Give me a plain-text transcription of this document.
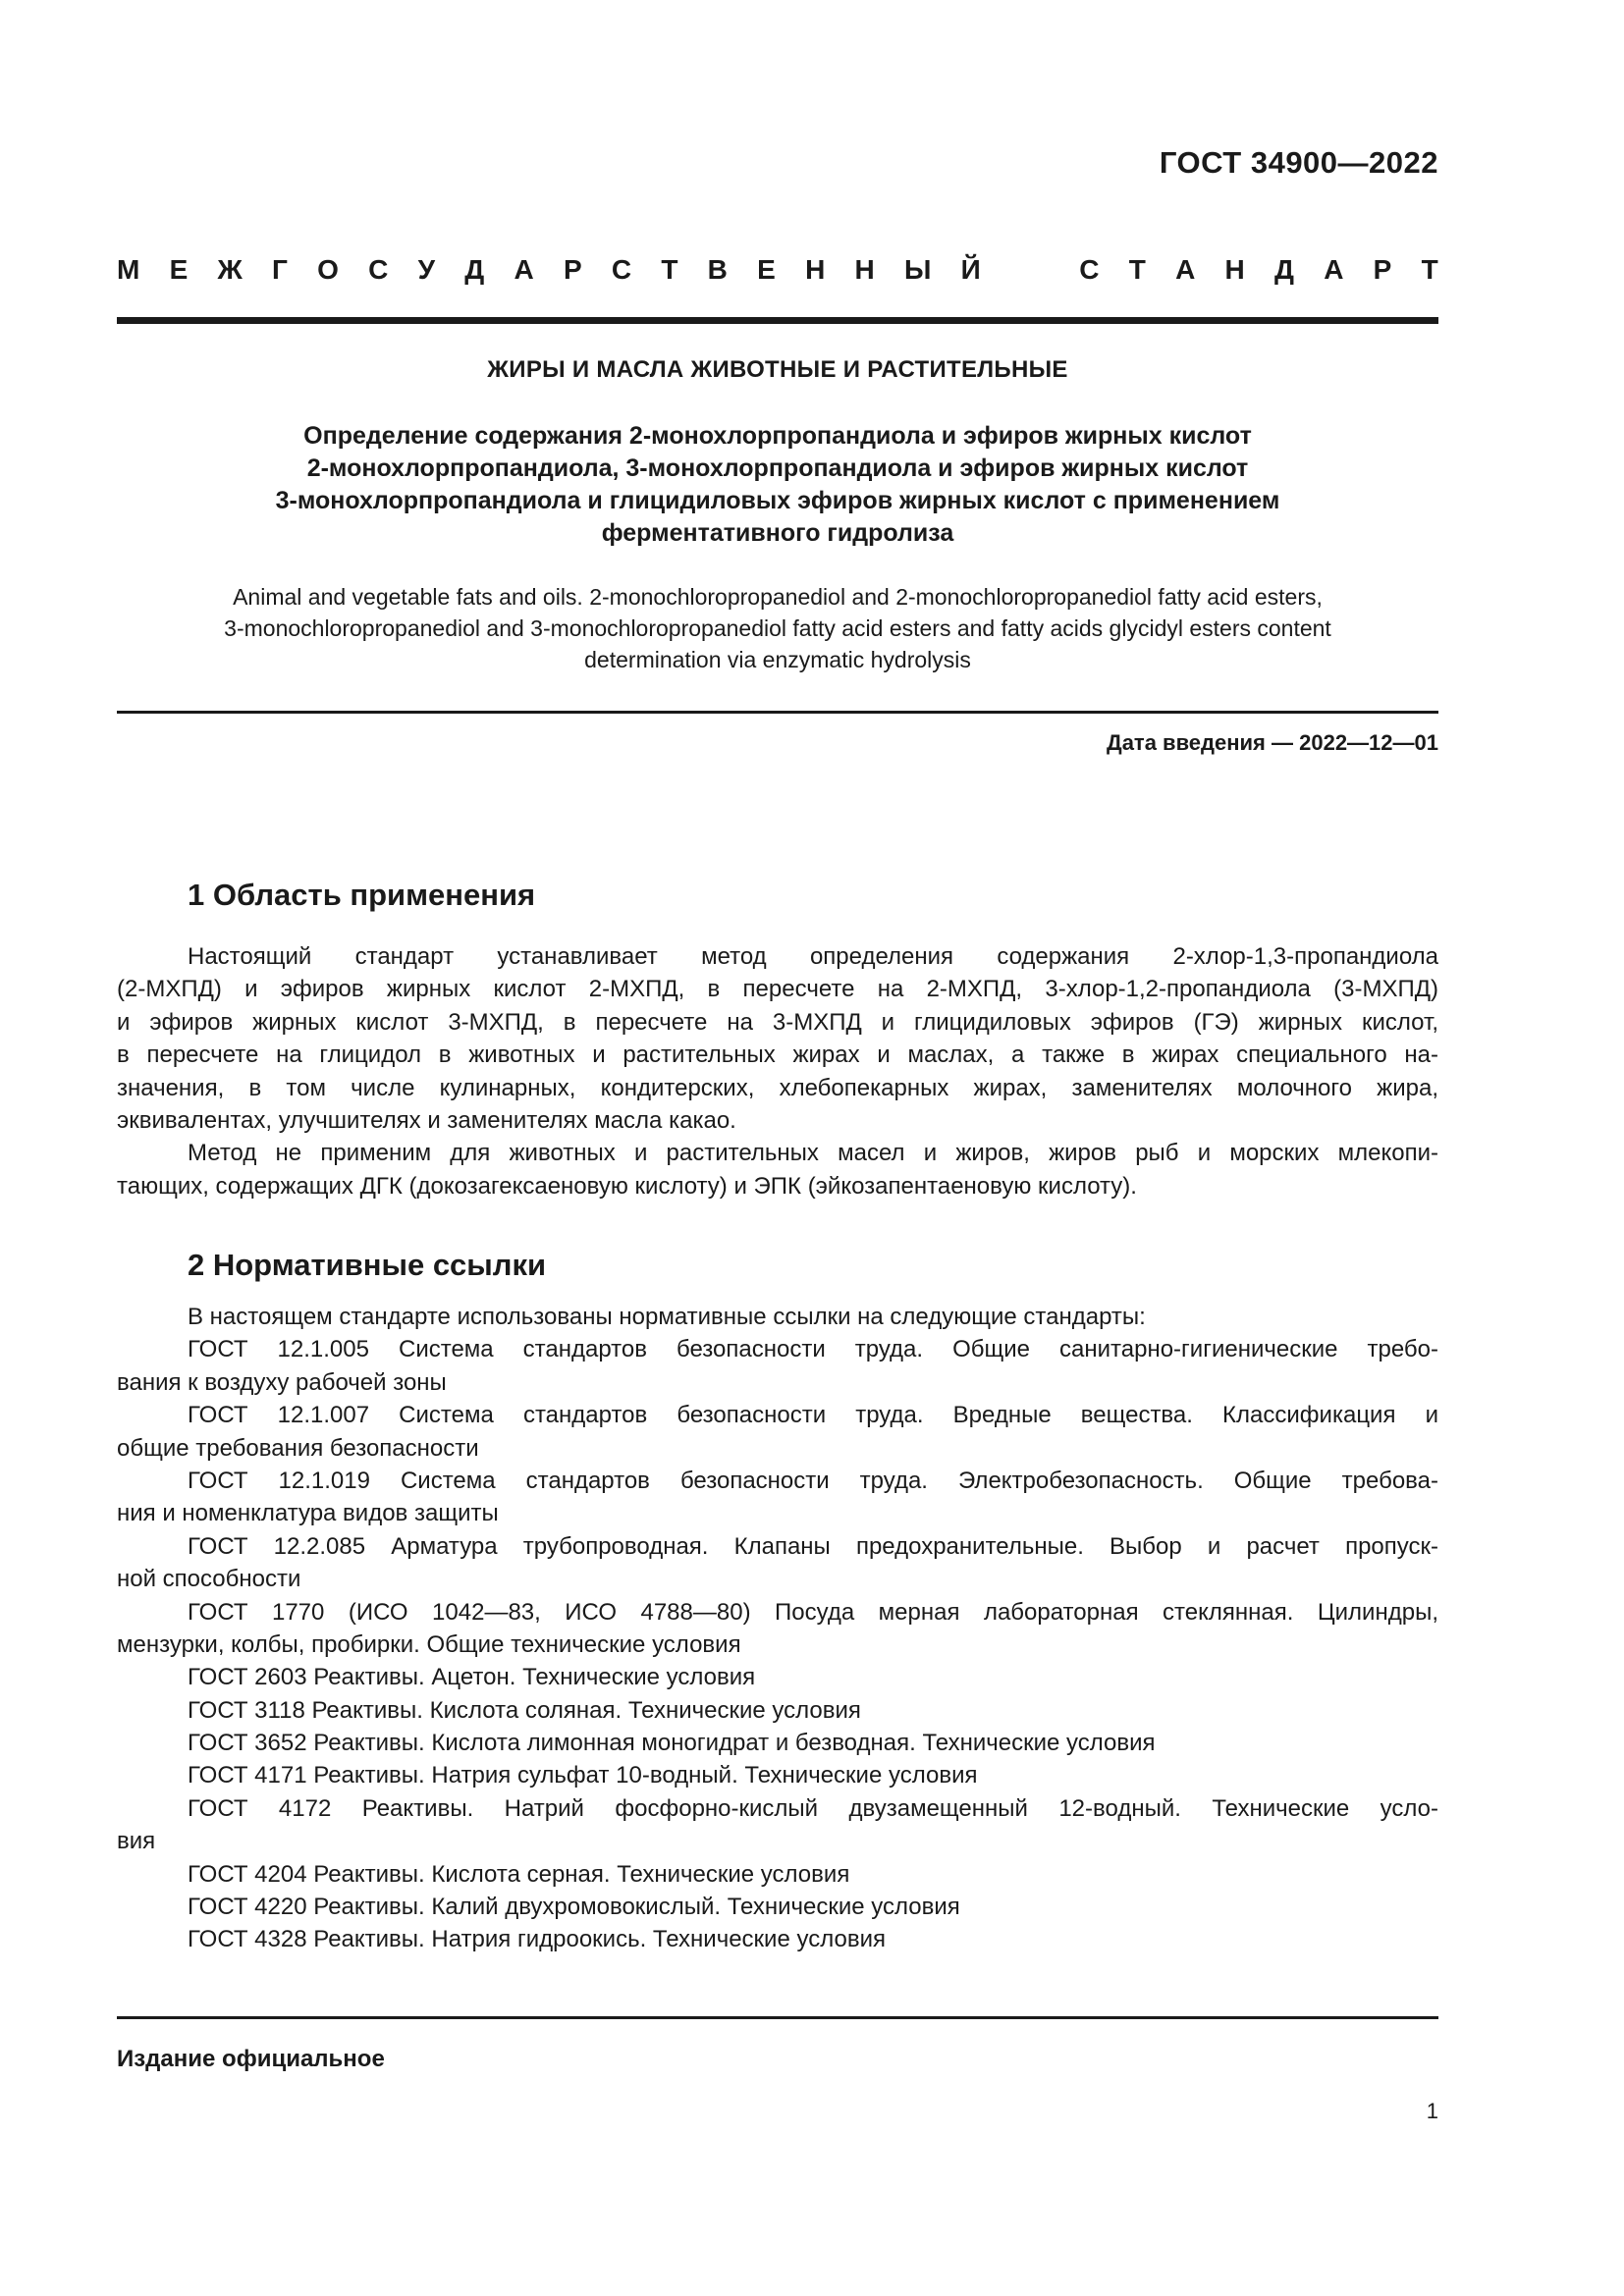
ГОСТ 34900—2022
М Е Ж Г О С У Д А Р С Т В Е Н Н Ы Й	С Т А Н Д А Р Т
ЖИРЫ И МАСЛА ЖИВОТНЫЕ И РАСТИТЕЛЬНЫЕ
Определение содержания 2-монохлорпропандиола и эфиров жирных кислот
2-монохлорпропандиола, 3-монохлорпропандиола и эфиров жирных кислот
3-монохлорпропандиола и глицидиловых эфиров жирных кислот с применением
ферментативного гидролиза
Animal and vegetable fats and oils. 2-monochloropropanediol and 2-monochloropropanediol fatty acid esters,
3-monochloropropanediol and 3-monochloropropanediol fatty acid esters and fatty acids glycidyl esters content
determination via enzymatic hydrolysis
Дата введения — 2022—12—01
1 Область применения
Настоящий стандарт устанавливает метод определения содержания 2-хлор-1,3-пропандиола
(2-МХПД) и эфиров жирных кислот 2-МХПД, в пересчете на 2-МХПД, 3-хлор-1,2-пропандиола (3-МХПД)
и эфиров жирных кислот 3-МХПД, в пересчете на 3-МХПД и глицидиловых эфиров (ГЭ) жирных кислот,
в пересчете на глицидол в животных и растительных жирах и маслах, а также в жирах специального на-
значения, в том числе кулинарных, кондитерских, хлебопекарных жирах, заменителях молочного жира,
эквивалентах, улучшителях и заменителях масла какао.
Метод не применим для животных и растительных масел и жиров, жиров рыб и морских млекопи-
тающих, содержащих ДГК (докозагексаеновую кислоту) и ЭПК (эйкозапентаеновую кислоту).
2 Нормативные ссылки
В настоящем стандарте использованы нормативные ссылки на следующие стандарты:
ГОСТ 12.1.005 Система стандартов безопасности труда. Общие санитарно-гигиенические требо-
вания к воздуху рабочей зоны
ГОСТ 12.1.007 Система стандартов безопасности труда. Вредные вещества. Классификация и
общие требования безопасности
ГОСТ 12.1.019 Система стандартов безопасности труда. Электробезопасность. Общие требова-
ния и номенклатура видов защиты
ГОСТ 12.2.085 Арматура трубопроводная. Клапаны предохранительные. Выбор и расчет пропуск-
ной способности
ГОСТ 1770 (ИСО 1042—83, ИСО 4788—80) Посуда мерная лабораторная стеклянная. Цилиндры,
мензурки, колбы, пробирки. Общие технические условия
ГОСТ 2603 Реактивы. Ацетон. Технические условия
ГОСТ 3118 Реактивы. Кислота соляная. Технические условия
ГОСТ 3652 Реактивы. Кислота лимонная моногидрат и безводная. Технические условия
ГОСТ 4171 Реактивы. Натрия сульфат 10-водный. Технические условия
ГОСТ 4172 Реактивы. Натрий фосфорно-кислый двузамещенный 12-водный. Технические усло-
вия
ГОСТ 4204 Реактивы. Кислота серная. Технические условия
ГОСТ 4220 Реактивы. Калий двухромовокислый. Технические условия
ГОСТ 4328 Реактивы. Натрия гидроокись. Технические условия
Издание официальное
1
